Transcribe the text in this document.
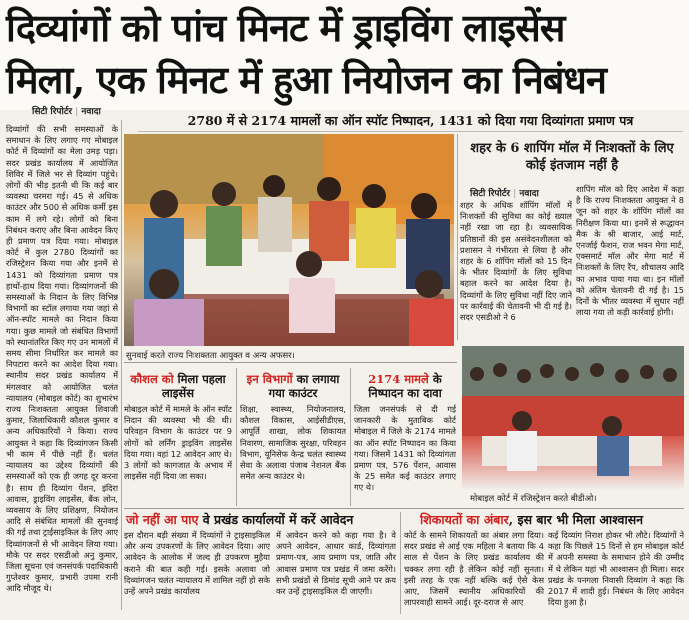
दिव्यांगों को पांच मिनट में ड्राइविंग लाइसेंस
मिला, एक मिनट में हुआ नियोजन का निबंधन
सिटी रिपोर्टर | नवादा
2780 में से 2174 मामलों का ऑन स्पॉट निष्पादन, 1431 को दिया गया दिव्यांगता प्रमाण पत्र
दिव्यांगों की सभी समस्याओं के समाधान के लिए लगाए गए मोबाइल कोर्ट में दिव्यांगों का मेला उमड़ पड़ा। सदर प्रखंड कार्यालय में आयोजित शिविर में जिले भर से दिव्यांग पहुंचे। लोगों की भीड़ इतनी थी कि कई बार व्यवस्था चरमरा गई। 45 से अधिक काउंटर और 500 से अधिक कर्मी इस काम में लगे रहे। लोगों को बिना निबंधन कराए और बिना आवेदन किए ही प्रमाण पत्र दिया गया। मोबाइल कोर्ट में कुल 2780 दिव्यांगों का रजिस्ट्रेशन किया गया और इनमें से 1431 को दिव्यांगता प्रमाण पत्र हाथों-हाथ दिया गया। दिव्यांगजनों की समस्याओं के निदान के लिए विभिन्न विभागों का स्टॉल लगाया गया जहां से ऑन-स्पॉट मामले का निदान किया गया। कुछ मामले जो संबंधित विभागों को स्थानांतरित किए गए उन मामलों में समय सीमा निर्धारित कर मामले का निपटारा करने का आदेश दिया गया। स्थानीय सदर प्रखंड कार्यालय में मंगलवार को आयोजित चलंत न्यायालय (मोबाइल कोर्ट) का शुभारंभ राज्य निःशक्तता आयुक्त शिवाजी कुमार, जिलाधिकारी कौशल कुमार व अन्य अधिकारियों ने किया। राज्य आयुक्त ने कहा कि दिव्यांगजन किसी भी काम में पीछे नहीं हैं। चलंत न्यायालय का उद्देश्य दिव्यांगों की समस्याओं को एक ही जगह दूर करना है। साथ ही दिव्यांग पेंशन, इंदिरा आवास, ड्राइविंग लाइसेंस, बैंक लोन, व्यवसाय के लिए प्रशिक्षण, नियोजन आदि से संबंधित मामलों की सुनवाई की गई तथा ट्राईसाइकिल के लिए आए दिव्यांगजनों से भी आवेदन लिया गया। मौके पर सदर एसडीओ अनु कुमार, जिला सूचना एवं जनसंपर्क पदाधिकारी गुप्तेश्वर कुमार, प्रभारी उपमा रानी आदि मौजूद थे।
सुनवाई करते राज्य निःशक्तता आयुक्त व अन्य अफसर।
शहर के 6 शापिंग मॉल में निःशक्तों के लिए कोई इंतजाम नहीं है
सिटी रिपोर्टर | नवादा
शहर के अधिक शॉपिंग मॉलों में निःशक्तों की सुविधा का कोई ख्याल नहीं रखा जा रहा है। व्यवसायिक प्रतिष्ठानों की इस असंवेदनशीलता को प्रशासन ने गंभीरता से लिया है और शहर के 6 शॉपिंग मॉलों को 15 दिन के भीतर दिव्यांगों के लिए सुविधा बहाल करने का आदेश दिया है। दिव्यांगों के लिए सुविधा नहीं दिए जाने पर कार्रवाई की चेतावनी भी दी गई है। सदर एसडीओ ने 6
शापिंग मॉल को दिए आदेश में कहा है कि राज्य निःशक्तता आयुक्त ने 8 जून को शहर के शॉपिंग मॉलों का निरीक्षण किया था। इनमें से रूद्धावन मैक के श्री बाजार, आई मार्ट, एनर्जाई फैशन, राज भवन मेगा मार्ट, एक्समार्ट मॉल और मेगा मार्ट में निःशक्तों के लिए रैंप, शौचालय आदि का अभाव पाया गया था। इन मॉलों को अंतिम चेतावनी दी गई है। 15 दिनों के भीतर व्यवस्था में सुधार नहीं लाया गया तो कड़ी कार्रवाई होगी।
मोबाइल कोर्ट में रजिस्ट्रेशन करते बीडीओ।
कौशल को मिला पहला लाइसेंस
मोबाइल कोर्ट में मामले के ऑन स्पॉट निदान की व्यवस्था भी की थी। परिवहन विभाग के काउंटर पर 9 लोगों को लर्निंग ड्राइविंग लाइसेंस दिया गया। वहां 12 आवेदन आए थे। 3 लोगों को कागजात के अभाव में लाइसेंस नहीं दिया जा सका।
इन विभागों का लगाया गया काउंटर
शिक्षा, स्वास्थ्य, नियोजनालय, कौशल विकास, आईसीडीएस, आपूर्ति शाखा, लोक शिकायत निवारण, सामाजिक सुरक्षा, परिवहन विभाग, यूनिसेफ केन्द्र चलंत स्वास्थ्य सेवा के अलावा पंजाब नेशनल बैंक समेत अन्य काउंटर थे।
2174 मामले के निष्पादन का दावा
जिला जनसंपर्क से दी गई जानकारी के मुताबिक कोर्ट मोबाइल में जिले के 2174 मामले का ऑन स्पॉट निष्पादन का किया गया। जिसमें 1431 को दिव्यांगता प्रमाण पत्र, 576 पेंशन, आवास के 25 समेत कई काउंटर लगाए गए थे।
जो नहीं आ पाए वे प्रखंड कार्यालयों में करें आवेदन
इस दौरान बड़ी संख्या में दिव्यांगों ने ट्राइसाइकिल और अन्य उपकरणों के लिए आवेदन दिया। आए आवेदन के आलोक में जल्द ही उपकरण मुहैया कराने की बात कही गई। इसके अलावा जो दिव्यांगजन चलंत न्यायालय में शामिल नहीं हो सके उन्हें अपने प्रखंड कार्यालय
में आवेदन करने को कहा गया है। वे अपने आवेदन, आधार कार्ड, दिव्यांगता प्रमाण-पत्र, आय प्रमाण पत्र, जाति और आवास प्रमाण पत्र प्रखंड में जमा करेंगे। सभी प्रखंडों से डिमांड सूची आने पर क्रय कर उन्हें ट्राइसाइकिल दी जाएगी।
शिकायतों का अंबार, इस बार भी मिला आश्वासन
कोर्ट के सामने शिकायतों का अंबार लगा दिया। सदर प्रखंड से आई एक महिला ने बताया कि 4 साल से पेंशन के लिए प्रखंड कार्यालय की चक्कर लगा रही है लेकिन कोई नहीं सुनता। इसी तरह के एक नहीं बल्कि कई ऐसे केस आए, जिसमें स्थानीय अधिकारियों की लापरवाही सामने आई। दूर-दराज से आए
कई दिव्यांग निराश होकर भी लौटे। दिव्यांगों ने कहा कि पिछले 15 दिनों से हम मोबाइल कोर्ट में अपनी समस्या के समाधान होने की उम्मीद में थे लेकिन यहां भी आश्वासन ही मिला। सदर प्रखंड के पनगला निवासी दिव्यांग ने कहा कि 2017 में शादी हुई। निबंधन के लिए आवेदन दिया हुआ है।
